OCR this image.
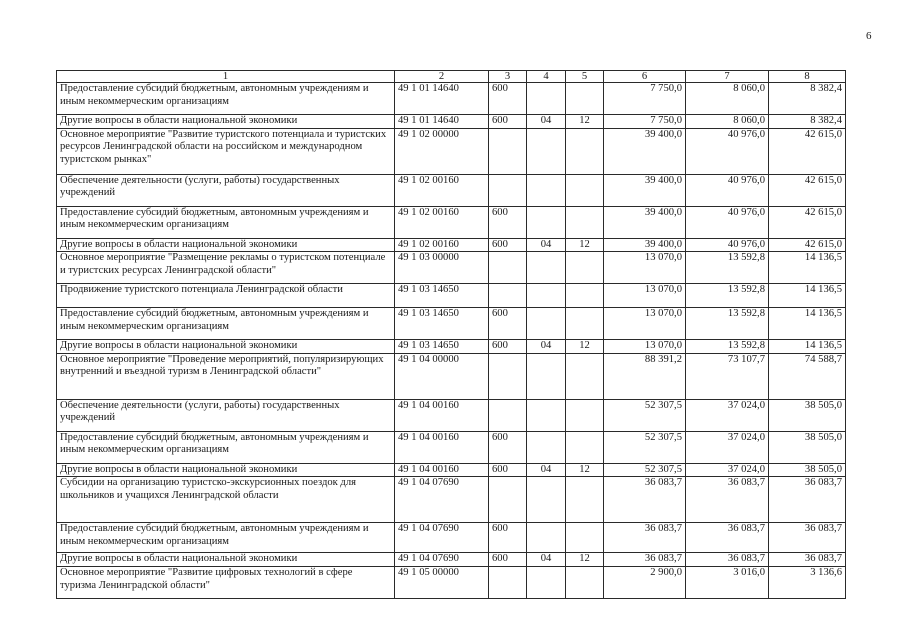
6
1	2	3	4	5	6	7	8
Предоставление субсидий бюджетным, автономным учреждениям и иным некоммерческим организациям	49 1 01 14640	600			7 750,0	8 060,0	8 382,4
Другие вопросы в области национальной экономики	49 1 01 14640	600	04	12	7 750,0	8 060,0	8 382,4
Основное мероприятие "Развитие туристского потенциала и туристских ресурсов Ленинградской области на российском и международном туристском рынках"	49 1 02 00000				39 400,0	40 976,0	42 615,0
Обеспечение деятельности (услуги, работы) государственных учреждений	49 1 02 00160				39 400,0	40 976,0	42 615,0
Предоставление субсидий бюджетным, автономным учреждениям и иным некоммерческим организациям	49 1 02 00160	600			39 400,0	40 976,0	42 615,0
Другие вопросы в области национальной экономики	49 1 02 00160	600	04	12	39 400,0	40 976,0	42 615,0
Основное мероприятие "Размещение рекламы о туристском потенциале и туристских ресурсах Ленинградской области"	49 1 03 00000				13 070,0	13 592,8	14 136,5
Продвижение туристского потенциала Ленинградской области	49 1 03 14650				13 070,0	13 592,8	14 136,5
Предоставление субсидий бюджетным, автономным учреждениям и иным некоммерческим организациям	49 1 03 14650	600			13 070,0	13 592,8	14 136,5
Другие вопросы в области национальной экономики	49 1 03 14650	600	04	12	13 070,0	13 592,8	14 136,5
Основное мероприятие "Проведение мероприятий, популяризирующих внутренний и въездной туризм в Ленинградской области"	49 1 04 00000				88 391,2	73 107,7	74 588,7
Обеспечение деятельности (услуги, работы) государственных учреждений	49 1 04 00160				52 307,5	37 024,0	38 505,0
Предоставление субсидий бюджетным, автономным учреждениям и иным некоммерческим организациям	49 1 04 00160	600			52 307,5	37 024,0	38 505,0
Другие вопросы в области национальной экономики	49 1 04 00160	600	04	12	52 307,5	37 024,0	38 505,0
Субсидии на организацию туристско-экскурсионных поездок для школьников и учащихся Ленинградской области	49 1 04 07690				36 083,7	36 083,7	36 083,7
Предоставление субсидий бюджетным, автономным учреждениям и иным некоммерческим организациям	49 1 04 07690	600			36 083,7	36 083,7	36 083,7
Другие вопросы в области национальной экономики	49 1 04 07690	600	04	12	36 083,7	36 083,7	36 083,7
Основное мероприятие "Развитие цифровых технологий в сфере туризма Ленинградской области"	49 1 05 00000				2 900,0	3 016,0	3 136,6
